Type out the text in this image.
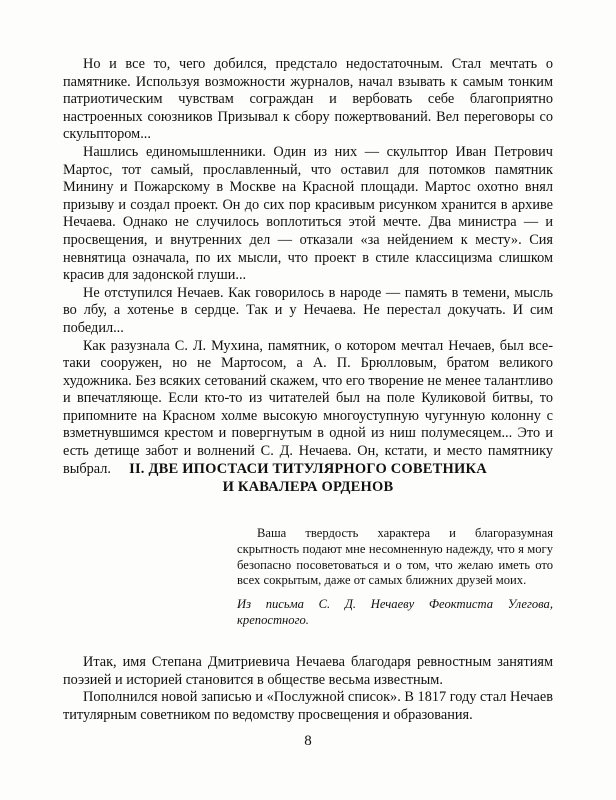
Но и все то, чего добился, предстало недостаточным. Стал мечтать о памятнике. Используя возможности журналов, начал взывать к самым тонким патриотическим чувствам сограждан и вербовать себе благоприятно настроенных союзников Призывал к сбору пожертвований. Вел переговоры со скульптором...

Нашлись единомышленники. Один из них — скульптор Иван Петрович Мартос, тот самый, прославленный, что оставил для потомков памятник Минину и Пожарскому в Москве на Красной площади. Мартос охотно внял призыву и создал проект. Он до сих пор красивым рисунком хранится в архиве Нечаева. Однако не случилось воплотиться этой мечте. Два министра — и просвещения, и внутренних дел — отказали «за нейдением к месту». Сия невнятица означала, по их мысли, что проект в стиле классицизма слишком красив для задонской глуши...

Не отступился Нечаев. Как говорилось в народе — память в темени, мысль во лбу, а хотенье в сердце. Так и у Нечаева. Не перестал докучать. И сим победил...

Как разузнала С. Л. Мухина, памятник, о котором мечтал Нечаев, был все-таки сооружен, но не Мартосом, а А. П. Брюлловым, братом великого художника. Без всяких сетований скажем, что его творение не менее талантливо и впечатляюще. Если кто-то из читателей был на поле Куликовой битвы, то припомните на Красном холме высокую многоуступную чугунную колонну с взметнувшимся крестом и повергнутым в одной из ниш полумесяцем... Это и есть детище забот и волнений С. Д. Нечаева. Он, кстати, и место памятнику выбрал.	II. ДВЕ ИПОСТАСИ ТИТУЛЯРНОГО СОВЕТНИКА
И КАВАЛЕРА ОРДЕНОВ

Ваша твердость характера и благоразумная скрытность подают мне несомненную надежду, что я могу безопасно посоветоваться и о том, что желаю иметь ото всех сокрытым, даже от самых ближних друзей моих.

Из письма С. Д. Нечаеву Феоктиста Улегова, крепостного.

Итак, имя Степана Дмитриевича Нечаева благодаря ревностным занятиям поэзией и историей становится в обществе весьма известным.

Пополнился новой записью и «Послужной список». В 1817 году стал Нечаев титулярным советником по ведомству просвещения и образования.

8
